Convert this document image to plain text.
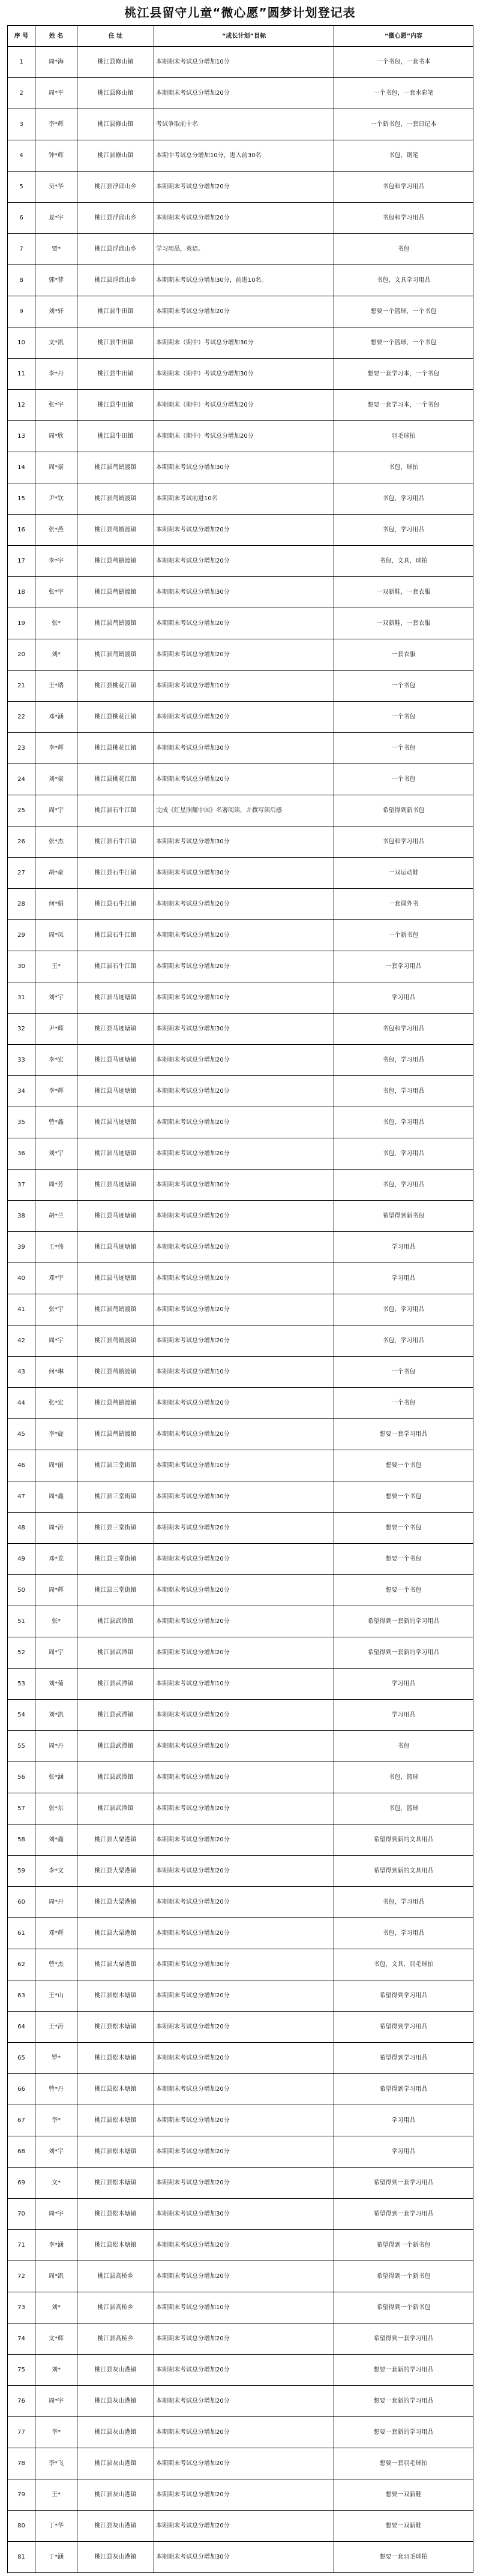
桃江县留守儿童“微心愿”圆梦计划登记表
序 号	姓 名	住 址	“成长计划”目标	“微心愿”内容
1	周*海	桃江县修山镇	本期期末考试总分增加10分	一个书包，一套书本
2	周*平	桃江县修山镇	本期期末考试总分增加20分	一个书包，一套水彩笔
3	李*辉	桃江县修山镇	考试争取前十名	一个新书包，一套日记本
4	钟*辉	桃江县修山镇	本期中考试总分增加10分，进入前30名	书包，钢笔
5	吴*华	桃江县浮邱山乡	本期期末考试总分增加20分	书包和学习用品
6	夏*宇	桃江县浮邱山乡	本期期末考试总分增加20分	书包和学习用品
7	贾*	桃江县浮邱山乡	学习用品，英语。	书包
8	郭*菲	桃江县浮邱山乡	本期期末考试总分增加30分，前进10名。	书包，文具学习用品
9	刘*轩	桃江县牛田镇	本期期末考试总分增加20分	想要一个篮球，一个书包
10	文*凯	桃江县牛田镇	本期期末（期中）考试总分增加30分	想要一个篮球，一个书包
11	李*丹	桃江县牛田镇	本期期末（期中）考试总分增加30分	想要一套学习本，一个书包
12	张*宇	桃江县牛田镇	本期期末（期中）考试总分增加20分	想要一套学习本，一个书包
13	周*欣	桃江县牛田镇	本期期末（期中）考试总分增加20分	羽毛球拍
14	周*豪	桃江县鸬鹚渡镇	本期期末考试总分增加30分	书包，球拍
15	尹*钦	桃江县鸬鹚渡镇	本期期末考试前进10名	书包，学习用品
16	张*燕	桃江县鸬鹚渡镇	本期期末考试总分增加20分	书包，学习用品
17	李*宇	桃江县鸬鹚渡镇	本期期末考试总分增加20分	书包，文具，球拍
18	张*宇	桃江县鸬鹚渡镇	本期期末考试总分增加30分	一双新鞋，一套衣服
19	张*	桃江县鸬鹚渡镇	本期期末考试总分增加20分	一双新鞋，一套衣服
20	刘*	桃江县鸬鹚渡镇	本期期末考试总分增加20分	一套衣服
21	王*瑞	桃江县桃花江镇	本期期末考试总分增加10分	一个书包
22	邓*涵	桃江县桃花江镇	本期期末考试总分增加20分	一个书包
23	李*辉	桃江县桃花江镇	本期期末考试总分增加30分	一个书包
24	刘*豪	桃江县桃花江镇	本期期末考试总分增加20分	一个书包
25	周*宇	桃江县石牛江镇	完成《红星照耀中国》名著阅读，并撰写读后感	希望得到新书包
26	张*杰	桃江县石牛江镇	本期期末考试总分增加30分	书包和学习用品
27	胡*豪	桃江县石牛江镇	本期期末考试总分增加30分	一双运动鞋
28	何*娟	桃江县石牛江镇	本期期末考试总分增加20分	一套课外书
29	周*凤	桃江县石牛江镇	本期期末考试总分增加20分	一个新书包
30	王*	桃江县石牛江镇	本期期末考试总分增加20分	一套学习用品
31	刘*宇	桃江县马迹塘镇	本期期末考试总分增加10分	学习用品
32	尹*辉	桃江县马迹塘镇	本期期末考试总分增加30分	书包和学习用品
33	李*宏	桃江县马迹塘镇	本期期末考试总分增加20分	书包，学习用品
34	李*辉	桃江县马迹塘镇	本期期末考试总分增加20分	书包，学习用品
35	曾*鑫	桃江县马迹塘镇	本期期末考试总分增加20分	书包，学习用品
36	刘*宇	桃江县马迹塘镇	本期期末考试总分增加20分	书包，学习用品
37	周*芳	桃江县马迹塘镇	本期期末考试总分增加30分	书包，学习用品
38	胡*兰	桃江县马迹塘镇	本期期末考试总分增加20分	希望得到新书包
39	王*伟	桃江县马迹塘镇	本期期末考试总分增加20分	学习用品
40	邓*宇	桃江县马迹塘镇	本期期末考试总分增加20分	学习用品
41	张*宇	桃江县鸬鹚渡镇	本期期末考试总分增加20分	书包，学习用品
42	周*宇	桃江县鸬鹚渡镇	本期期末考试总分增加20分	书包，学习用品
43	何*琳	桃江县鸬鹚渡镇	本期期末考试总分增加10分	一个书包
44	张*宏	桃江县鸬鹚渡镇	本期期末考试总分增加20分	一个书包
45	李*旋	桃江县鸬鹚渡镇	本期期末考试总分增加20分	想要一套学习用品
46	周*丽	桃江县三堂街镇	本期期末考试总分增加10分	想要一个书包
47	周*鑫	桃江县三堂街镇	本期期末考试总分增加30分	想要一个书包
48	周*涛	桃江县三堂街镇	本期期末考试总分增加20分	想要一个书包
49	邓*龙	桃江县三堂街镇	本期期末考试总分增加20分	想要一个书包
50	周*辉	桃江县三堂街镇	本期期末考试总分增加20分	想要一个书包
51	张*	桃江县武潭镇	本期期末考试总分增加20分	希望得到一套新的学习用品
52	周*宇	桃江县武潭镇	本期期末考试总分增加20分	希望得到一套新的学习用品
53	刘*菊	桃江县武潭镇	本期期末考试总分增加10分	学习用品
54	刘*凯	桃江县武潭镇	本期期末考试总分增加20分	学习用品
55	周*丹	桃江县武潭镇	本期期末考试总分增加20分	书包
56	张*涵	桃江县武潭镇	本期期末考试总分增加20分	书包，篮球
57	张*东	桃江县武潭镇	本期期末考试总分增加20分	书包，篮球
58	刘*鑫	桃江县大栗港镇	本期期末考试总分增加20分	希望得到新的文具用品
59	李*文	桃江县大栗港镇	本期期末考试总分增加20分	希望得到新的文具用品
60	周*丹	桃江县大栗港镇	本期期末考试总分增加20分	书包，学习用品
61	邓*辉	桃江县大栗港镇	本期期末考试总分增加20分	书包，学习用品
62	曾*杰	桃江县大栗港镇	本期期末考试总分增加30分	书包，文具，羽毛球拍
63	王*山	桃江县松木塘镇	本期期末考试总分增加20分	希望得到学习用品
64	王*涛	桃江县松木塘镇	本期期末考试总分增加20分	希望得到学习用品
65	罗*	桃江县松木塘镇	本期期末考试总分增加20分	希望得到学习用品
66	曾*丹	桃江县松木塘镇	本期期末考试总分增加20分	希望得到学习用品
67	李*	桃江县松木塘镇	本期期末考试总分增加20分	学习用品
68	刘*宇	桃江县松木塘镇	本期期末考试总分增加20分	学习用品
69	文*	桃江县松木塘镇	本期期末考试总分增加20分	希望得到一套学习用品
70	周*宇	桃江县松木塘镇	本期期末考试总分增加30分	希望得到一套学习用品
71	李*涵	桃江县松木塘镇	本期期末考试总分增加20分	希望得到一个新书包
72	周*凯	桃江县高桥乡	本期期末考试总分增加20分	希望得到一个新书包
73	刘*	桃江县高桥乡	本期期末考试总分增加10分	希望得到一个新书包
74	文*辉	桃江县高桥乡	本期期末考试总分增加20分	希望得到一套学习用品
75	刘*	桃江县灰山港镇	本期期末考试总分增加20分	想要一套新的学习用品
76	周*宇	桃江县灰山港镇	本期期末考试总分增加20分	想要一套新的学习用品
77	李*	桃江县灰山港镇	本期期末考试总分增加20分	想要一套新的学习用品
78	李*飞	桃江县灰山港镇	本期期末考试总分增加20分	想要一套羽毛球拍
79	王*	桃江县灰山港镇	本期期末考试总分增加20分	想要一双新鞋
80	丁*华	桃江县灰山港镇	本期期末考试总分增加20分	想要一双新鞋
81	丁*涵	桃江县灰山港镇	本期期末考试总分增加30分	想要一套羽毛球拍
